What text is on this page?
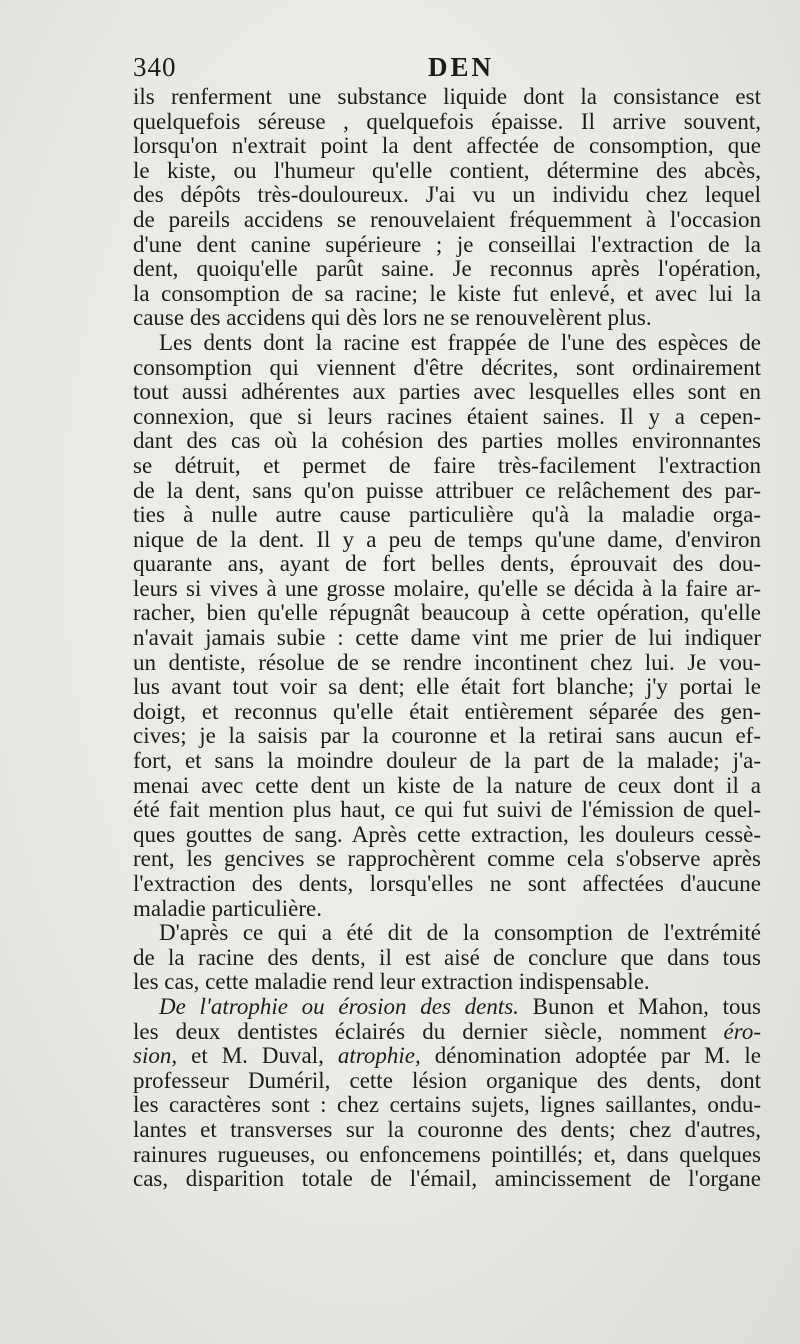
340	DEN
ils renferment une substance liquide dont la consistance est
quelquefois séreuse , quelquefois épaisse. Il arrive souvent,
lorsqu'on n'extrait point la dent affectée de consomption, que
le kiste, ou l'humeur qu'elle contient, détermine des abcès,
des dépôts très-douloureux. J'ai vu un individu chez lequel
de pareils accidens se renouvelaient fréquemment à l'occasion
d'une dent canine supérieure ; je conseillai l'extraction de la
dent, quoiqu'elle parût saine. Je reconnus après l'opération,
la consomption de sa racine; le kiste fut enlevé, et avec lui la
cause des accidens qui dès lors ne se renouvelèrent plus.
Les dents dont la racine est frappée de l'une des espèces de
consomption qui viennent d'être décrites, sont ordinairement
tout aussi adhérentes aux parties avec lesquelles elles sont en
connexion, que si leurs racines étaient saines. Il y a cepen-
dant des cas où la cohésion des parties molles environnantes
se détruit, et permet de faire très-facilement l'extraction
de la dent, sans qu'on puisse attribuer ce relâchement des par-
ties à nulle autre cause particulière qu'à la maladie orga-
nique de la dent. Il y a peu de temps qu'une dame, d'environ
quarante ans, ayant de fort belles dents, éprouvait des dou-
leurs si vives à une grosse molaire, qu'elle se décida à la faire ar-
racher, bien qu'elle répugnât beaucoup à cette opération, qu'elle
n'avait jamais subie : cette dame vint me prier de lui indiquer
un dentiste, résolue de se rendre incontinent chez lui. Je vou-
lus avant tout voir sa dent; elle était fort blanche; j'y portai le
doigt, et reconnus qu'elle était entièrement séparée des gen-
cives; je la saisis par la couronne et la retirai sans aucun ef-
fort, et sans la moindre douleur de la part de la malade; j'a-
menai avec cette dent un kiste de la nature de ceux dont il a
été fait mention plus haut, ce qui fut suivi de l'émission de quel-
ques gouttes de sang. Après cette extraction, les douleurs cessè-
rent, les gencives se rapprochèrent comme cela s'observe après
l'extraction des dents, lorsqu'elles ne sont affectées d'aucune
maladie particulière.
D'après ce qui a été dit de la consomption de l'extrémité
de la racine des dents, il est aisé de conclure que dans tous
les cas, cette maladie rend leur extraction indispensable.
De l'atrophie ou érosion des dents. Bunon et Mahon, tous
les deux dentistes éclairés du dernier siècle, nomment éro-
sion, et M. Duval, atrophie, dénomination adoptée par M. le
professeur Duméril, cette lésion organique des dents, dont
les caractères sont : chez certains sujets, lignes saillantes, ondu-
lantes et transverses sur la couronne des dents; chez d'autres,
rainures rugueuses, ou enfoncemens pointillés; et, dans quelques
cas, disparition totale de l'émail, amincissement de l'organe
